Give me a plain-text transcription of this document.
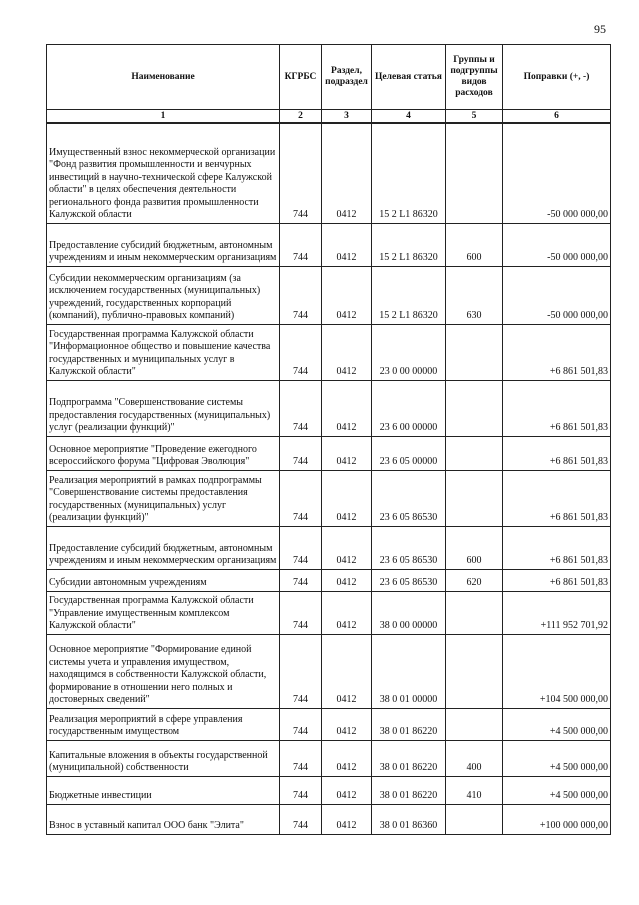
95
Наименование	КГРБС	Раздел, подраздел	Целевая статья	Группы и подгруппы видов расходов	Поправки (+, -)
1	2	3	4	5	6
Имущественный взнос некоммерческой организации "Фонд развития промышленности и венчурных инвестиций в научно-технической сфере Калужской области" в целях обеспечения деятельности регионального фонда развития промышленности Калужской области	744	0412	15 2 L1 86320		-50 000 000,00
Предоставление субсидий бюджетным, автономным учреждениям и иным некоммерческим организациям	744	0412	15 2 L1 86320	600	-50 000 000,00
Субсидии некоммерческим организациям (за исключением государственных (муниципальных) учреждений, государственных корпораций (компаний), публично-правовых компаний)	744	0412	15 2 L1 86320	630	-50 000 000,00
Государственная программа Калужской области "Информационное общество и повышение качества государственных и муниципальных услуг в Калужской области"	744	0412	23 0 00 00000		+6 861 501,83
Подпрограмма "Совершенствование системы предоставления государственных (муниципальных) услуг (реализации функций)"	744	0412	23 6 00 00000		+6 861 501,83
Основное мероприятие "Проведение ежегодного всероссийского форума "Цифровая Эволюция"	744	0412	23 6 05 00000		+6 861 501,83
Реализация мероприятий в рамках подпрограммы "Совершенствование системы предоставления государственных (муниципальных) услуг (реализации функций)"	744	0412	23 6 05 86530		+6 861 501,83
Предоставление субсидий бюджетным, автономным учреждениям и иным некоммерческим организациям	744	0412	23 6 05 86530	600	+6 861 501,83
Субсидии автономным учреждениям	744	0412	23 6 05 86530	620	+6 861 501,83
Государственная программа Калужской области "Управление имущественным комплексом Калужской области"	744	0412	38 0 00 00000		+111 952 701,92
Основное мероприятие "Формирование единой системы учета и управления имуществом, находящимся в собственности Калужской области, формирование в отношении него полных и достоверных сведений"	744	0412	38 0 01 00000		+104 500 000,00
Реализация мероприятий в сфере управления государственным имуществом	744	0412	38 0 01 86220		+4 500 000,00
Капитальные вложения в объекты государственной (муниципальной) собственности	744	0412	38 0 01 86220	400	+4 500 000,00
Бюджетные инвестиции	744	0412	38 0 01 86220	410	+4 500 000,00
Взнос в уставный капитал ООО банк "Элита"	744	0412	38 0 01 86360		+100 000 000,00
